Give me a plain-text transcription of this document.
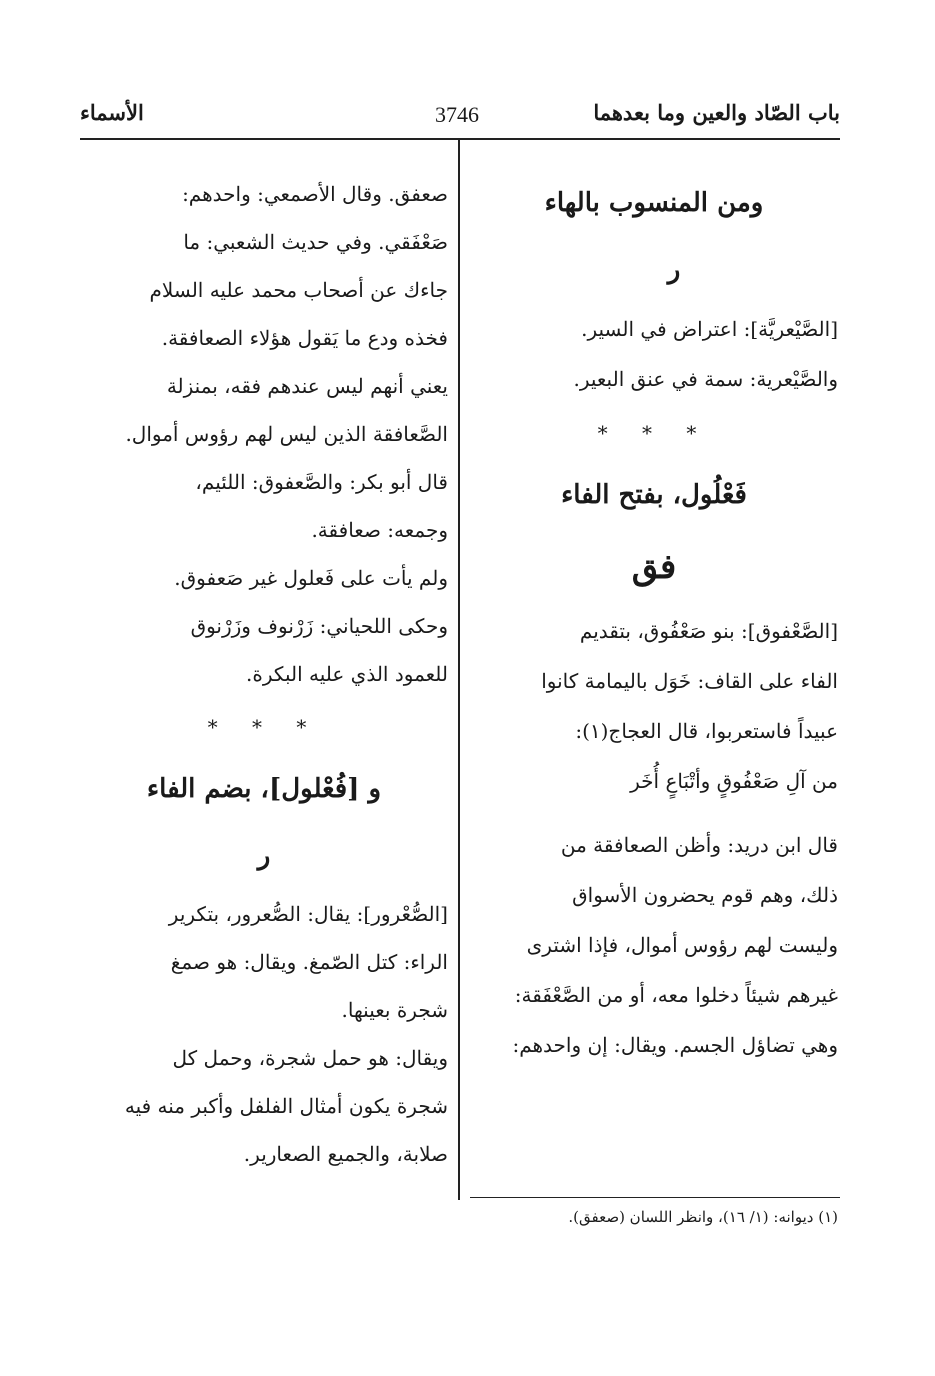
باب الصّاد والعين وما بعدهما
3746
الأسماء
ومن المنسوب بالهاء
ر
[الصَّيْعريَّة]: اعتراض في السير.
والصَّيْعرية: سمة في عنق البعير.
* * *
فَعْلُول، بفتح الفاء
فق
[الصَّعْفوق]: بنو صَعْفُوق، بتقديم
الفاء على القاف: خَوَل باليمامة كانوا
عبيداً فاستعربوا، قال العجاج(١):
من آلِ صَعْفُوقٍ وأتْبَاعٍ أُخَر
قال ابن دريد: وأظن الصعافقة من
ذلك، وهم قوم يحضرون الأسواق
وليست لهم رؤوس أموال، فإذا اشترى
غيرهم شيئاً دخلوا معه، أو من الصَّعْفَقة:
وهي تضاؤل الجسم. ويقال: إن واحدهم:
صعفق. وقال الأصمعي: واحدهم:
صَعْفَقي. وفي حديث الشعبي: ما
جاءك عن أصحاب محمد عليه السلام
فخذه ودع ما يَقول هؤلاء الصعافقة.
يعني أنهم ليس عندهم فقه، بمنزلة
الصَّعافقة الذين ليس لهم رؤوس أموال.
قال أبو بكر: والصَّعفوق: اللئيم،
وجمعه: صعافقة.
ولم يأت على فَعلول غير صَعفوق.
وحكى اللحياني: زَرْنوف وزَرْنوق
للعمود الذي عليه البكرة.
* * *
و [فُعْلول]، بضم الفاء
ر
[الصُّعْرور]: يقال: الصُّعرور، بتكرير
الراء: كتل الصّمغ. ويقال: هو صمغ
شجرة بعينها.
ويقال: هو حمل شجرة، وحمل كل
شجرة يكون أمثال الفلفل وأكبر منه فيه
صلابة، والجميع الصعارير.
(١) ديوانه: (١/ ١٦)، وانظر اللسان (صعفق).
